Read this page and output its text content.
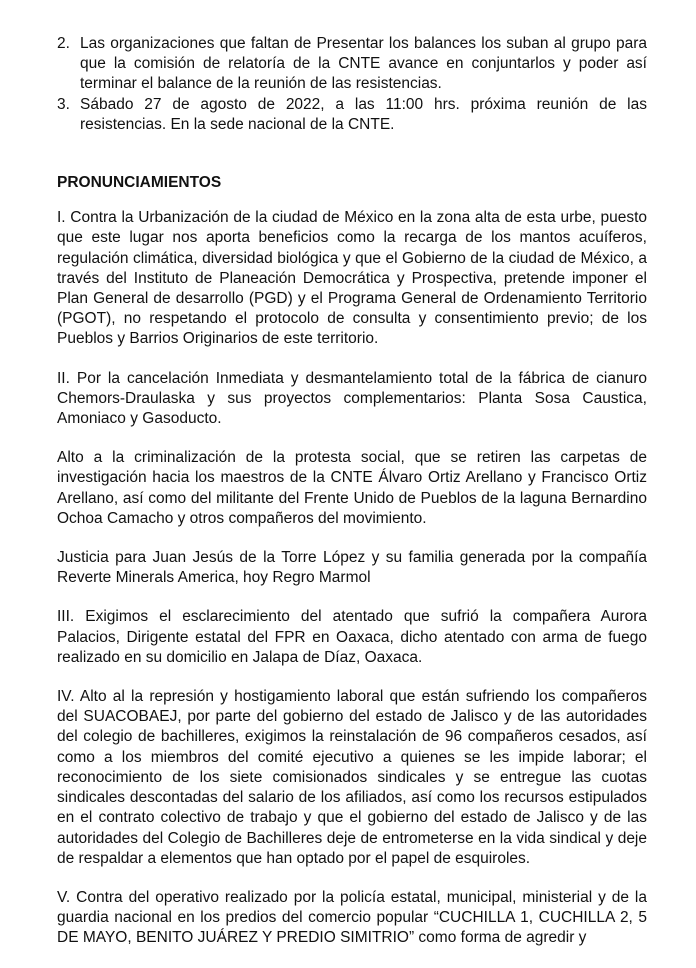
2. Las organizaciones que faltan de Presentar los balances los suban al grupo para que la comisión de relatoría de la CNTE avance en conjuntarlos y poder así terminar el balance de la reunión de las resistencias.
3. Sábado 27 de agosto de 2022, a las 11:00 hrs. próxima reunión de las resistencias. En la sede nacional de la CNTE.
PRONUNCIAMIENTOS

I. Contra la Urbanización de la ciudad de México en la zona alta de esta urbe, puesto que este lugar nos aporta beneficios como la recarga de los mantos acuíferos, regulación climática, diversidad biológica y que el Gobierno de la ciudad de México, a través del Instituto de Planeación Democrática y Prospectiva, pretende imponer el Plan General de desarrollo (PGD) y el Programa General de Ordenamiento Territorio (PGOT), no respetando el protocolo de consulta y consentimiento previo; de los Pueblos y Barrios Originarios de este territorio.

II. Por la cancelación Inmediata y desmantelamiento total de la fábrica de cianuro Chemors-Draulaska y sus proyectos complementarios: Planta Sosa Caustica, Amoniaco y Gasoducto.

Alto a la criminalización de la protesta social, que se retiren las carpetas de investigación hacia los maestros de la CNTE Álvaro Ortiz Arellano y Francisco Ortiz Arellano, así como del militante del Frente Unido de Pueblos de la laguna Bernardino Ochoa Camacho y otros compañeros del movimiento.

Justicia para Juan Jesús de la Torre López y su familia generada por la compañía Reverte Minerals America, hoy Regro Marmol

III. Exigimos el esclarecimiento del atentado que sufrió la compañera Aurora Palacios, Dirigente estatal del FPR en Oaxaca, dicho atentado con arma de fuego realizado en su domicilio en Jalapa de Díaz, Oaxaca.

IV. Alto al la represión y hostigamiento laboral que están sufriendo los compañeros del SUACOBAEJ, por parte del gobierno del estado de Jalisco y de las autoridades del colegio de bachilleres, exigimos la reinstalación de 96 compañeros cesados, así como a los miembros del comité ejecutivo a quienes se les impide laborar; el reconocimiento de los siete comisionados sindicales y se entregue las cuotas sindicales descontadas del salario de los afiliados, así como los recursos estipulados en el contrato colectivo de trabajo y que el gobierno del estado de Jalisco y de las autoridades del Colegio de Bachilleres deje de entrometerse en la vida sindical y deje de respaldar a elementos que han optado por el papel de esquiroles.

V. Contra del operativo realizado por la policía estatal, municipal, ministerial y de la guardia nacional en los predios del comercio popular “CUCHILLA 1, CUCHILLA 2, 5 DE MAYO, BENITO JUÁREZ Y PREDIO SIMITRIO” como forma de agredir y
